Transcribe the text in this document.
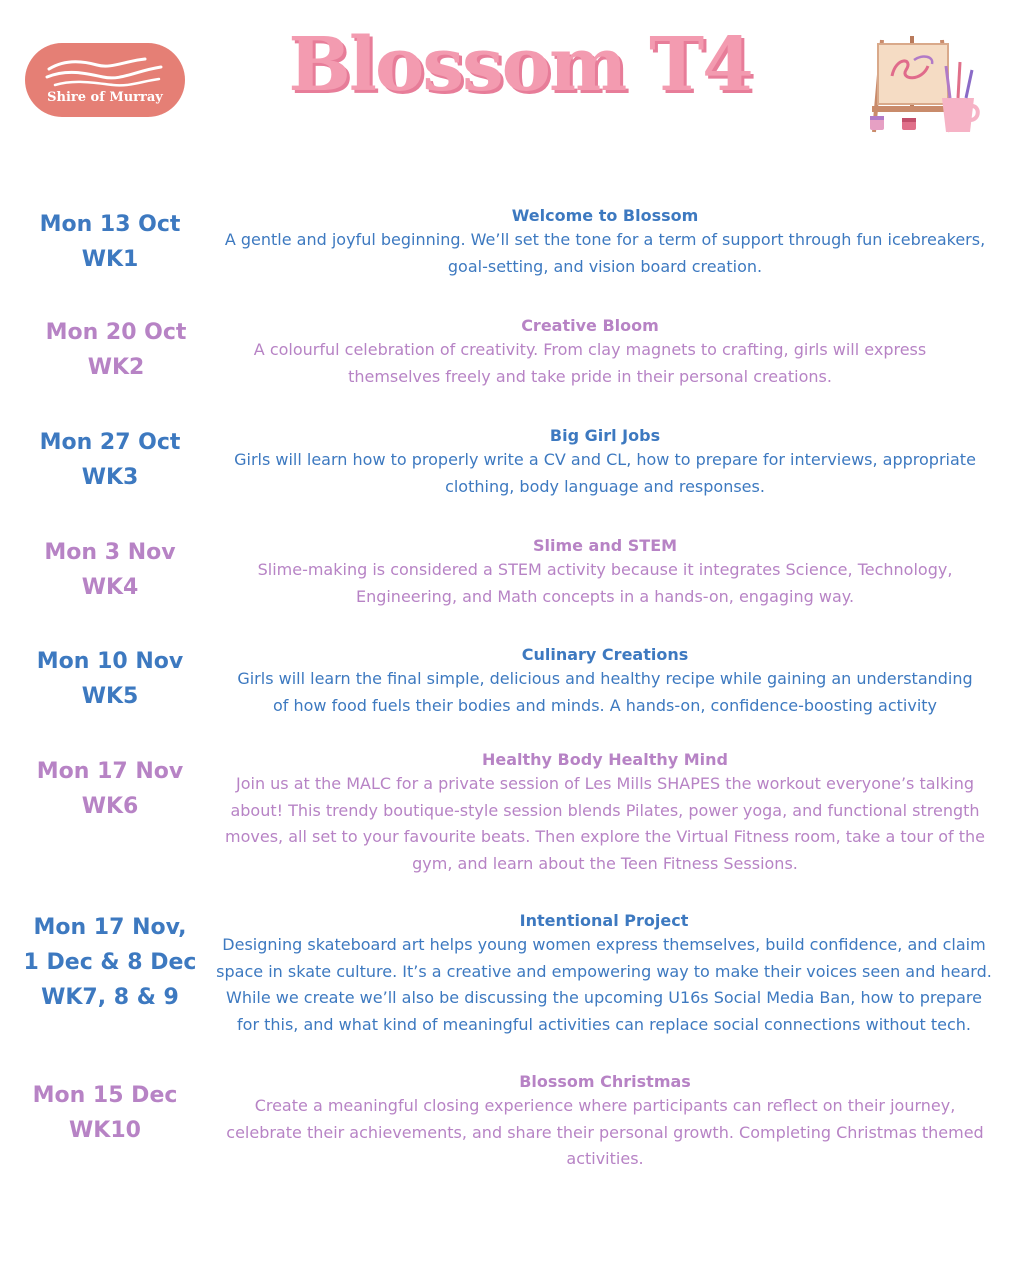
Shire of Murray	Blossom T4
Mon 13 Oct
WK1
Welcome to Blossom
A gentle and joyful beginning. We’ll set the tone for a term of support through fun icebreakers,
goal-setting, and vision board creation.
Mon 20 Oct
WK2
Creative Bloom
A colourful celebration of creativity. From clay magnets to crafting, girls will express
themselves freely and take pride in their personal creations.
Mon 27 Oct
WK3
Big Girl Jobs
Girls will learn how to properly write a CV and CL, how to prepare for interviews, appropriate
clothing, body language and responses.
Mon 3 Nov
WK4
Slime and STEM
Slime-making is considered a STEM activity because it integrates Science, Technology,
Engineering, and Math concepts in a hands-on, engaging way.
Mon 10 Nov
WK5
Culinary Creations
Girls will learn the final simple, delicious and healthy recipe while gaining an understanding
of how food fuels their bodies and minds. A hands-on, confidence-boosting activity
Mon 17 Nov
WK6
Healthy Body Healthy Mind
Join us at the MALC for a private session of Les Mills SHAPES the workout everyone’s talking
about! This trendy boutique-style session blends Pilates, power yoga, and functional strength
moves, all set to your favourite beats. Then explore the Virtual Fitness room, take a tour of the
gym, and learn about the Teen Fitness Sessions.
Mon 17 Nov,
1 Dec & 8 Dec
WK7, 8 & 9
Intentional Project
Designing skateboard art helps young women express themselves, build confidence, and claim
space in skate culture. It’s a creative and empowering way to make their voices seen and heard.
While we create we’ll also be discussing the upcoming U16s Social Media Ban, how to prepare
for this, and what kind of meaningful activities can replace social connections without tech.
Mon 15 Dec
WK10
Blossom Christmas
Create a meaningful closing experience where participants can reflect on their journey,
celebrate their achievements, and share their personal growth. Completing Christmas themed
activities.
